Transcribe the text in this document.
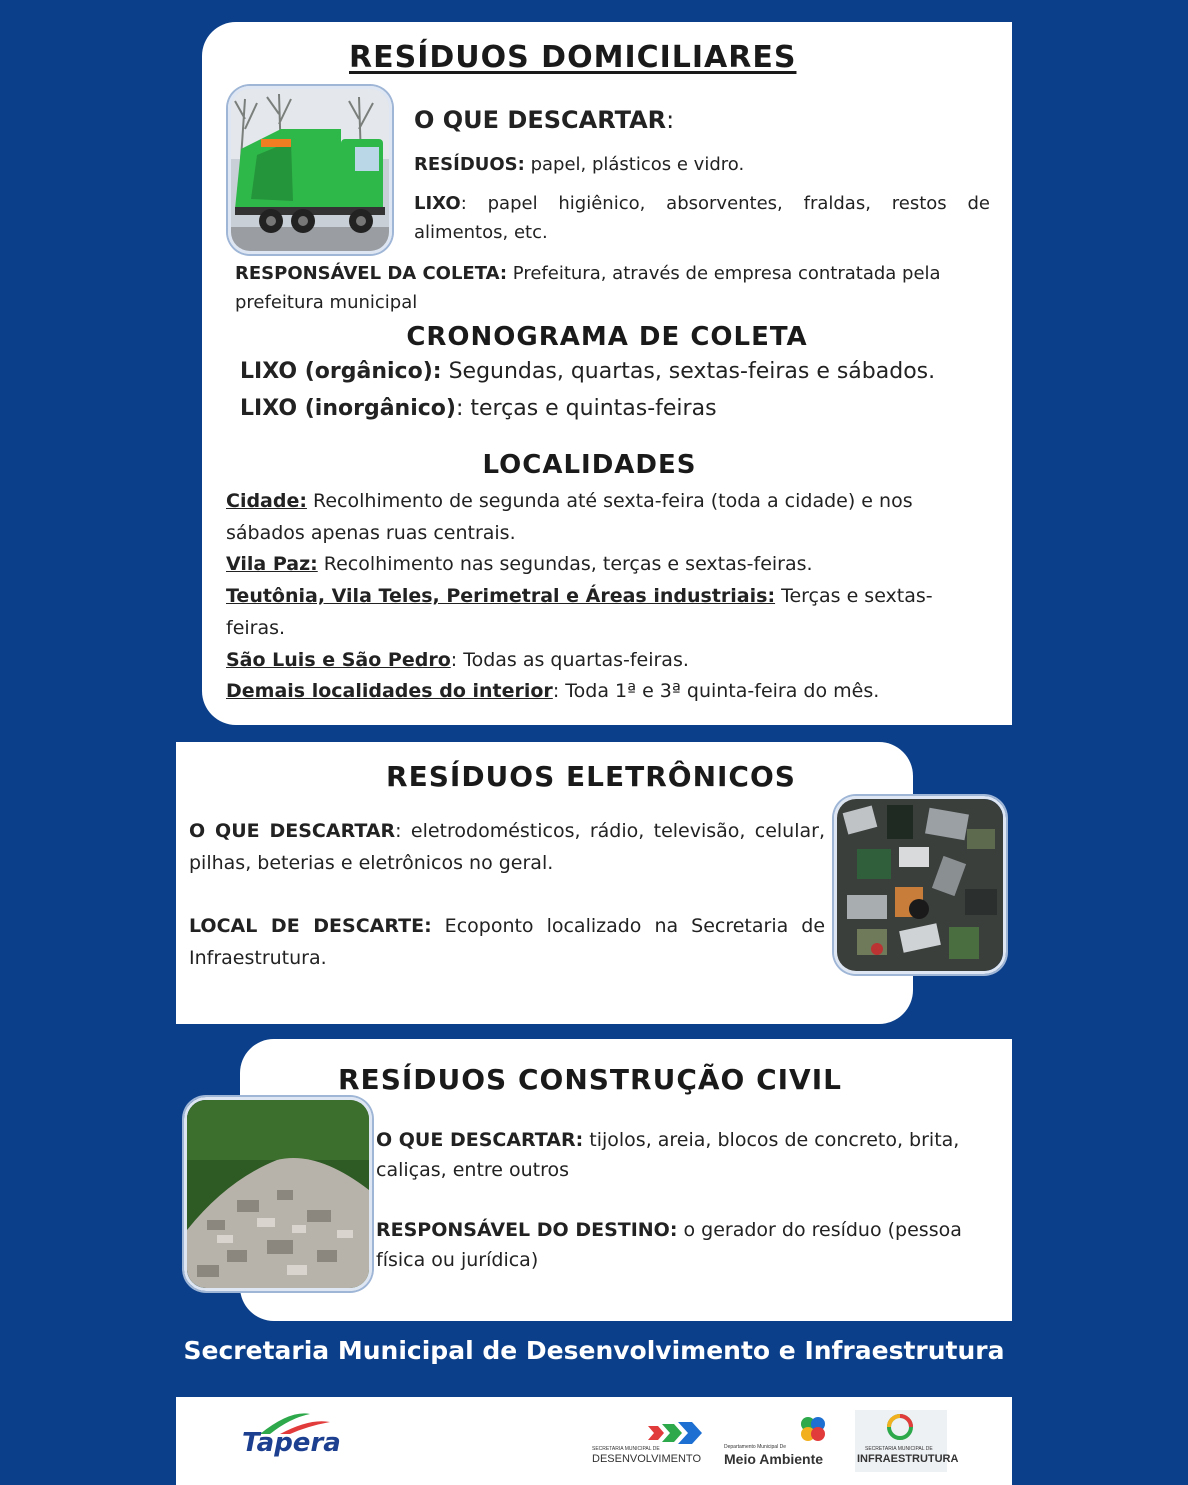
RESÍDUOS DOMICILIARES
O QUE DESCARTAR:
RESÍDUOS: papel, plásticos e vidro.
LIXO: papel higiênico, absorventes, fraldas, restos de alimentos, etc.
RESPONSÁVEL DA COLETA: Prefeitura, através de empresa contratada pela prefeitura municipal
CRONOGRAMA DE COLETA
LIXO (orgânico): Segundas, quartas, sextas-feiras e sábados.
LIXO (inorgânico): terças e quintas-feiras
LOCALIDADES
Cidade: Recolhimento de segunda até sexta-feira (toda a cidade) e nos sábados apenas ruas centrais.
Vila Paz: Recolhimento nas segundas, terças e sextas-feiras.
Teutônia, Vila Teles, Perimetral e Áreas industriais: Terças e sextas-feiras.
São Luis e São Pedro: Todas as quartas-feiras.
Demais localidades do interior: Toda 1ª e 3ª quinta-feira do mês.
RESÍDUOS ELETRÔNICOS
O QUE DESCARTAR: eletrodomésticos, rádio, televisão, celular, pilhas, beterias e eletrônicos no geral.
LOCAL DE DESCARTE: Ecoponto localizado na Secretaria de Infraestrutura.
RESÍDUOS CONSTRUÇÃO CIVIL
O QUE DESCARTAR: tijolos, areia, blocos de concreto, brita, caliças, entre outros
RESPONSÁVEL DO DESTINO: o gerador do resíduo (pessoa física ou jurídica)
Secretaria Municipal de Desenvolvimento e Infraestrutura
Tapera	SECRETARIA MUNICIPAL DE
DESENVOLVIMENTO
Departamento Municipal De
Meio Ambiente
SECRETARIA MUNICIPAL DE
INFRAESTRUTURA
